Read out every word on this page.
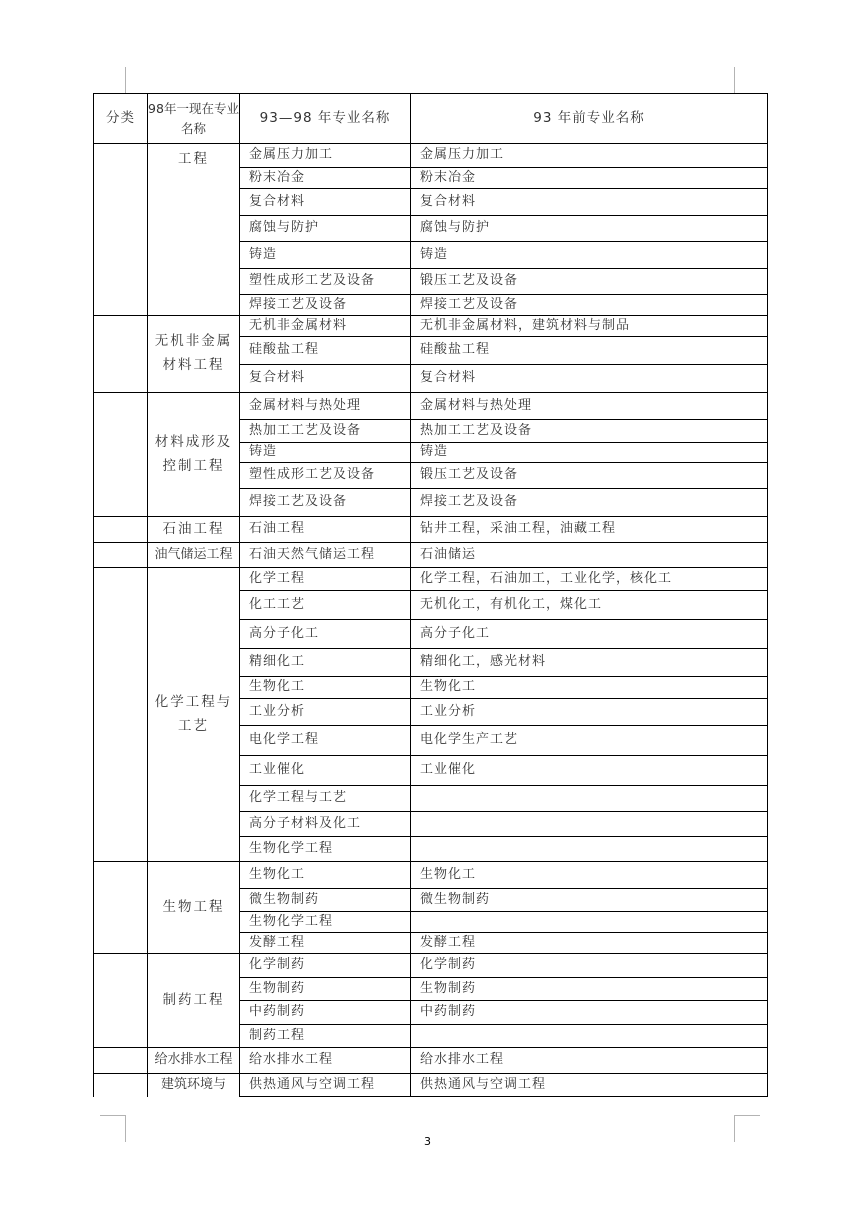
分类	98年一现在专业名称	93—98 年专业名称	93 年前专业名称
	工程	金属压力加工	金属压力加工
		粉末冶金	粉末冶金
		复合材料	复合材料
		腐蚀与防护	腐蚀与防护
		铸造	铸造
		塑性成形工艺及设备	锻压工艺及设备
		焊接工艺及设备	焊接工艺及设备
	无机非金属材料工程	无机非金属材料	无机非金属材料，建筑材料与制品
		硅酸盐工程	硅酸盐工程
		复合材料	复合材料
	材料成形及控制工程	金属材料与热处理	金属材料与热处理
		热加工工艺及设备	热加工工艺及设备
		铸造	铸造
		塑性成形工艺及设备	锻压工艺及设备
		焊接工艺及设备	焊接工艺及设备
	石油工程	石油工程	钻井工程，采油工程，油藏工程
	油气储运工程	石油天然气储运工程	石油储运
	化学工程与工艺	化学工程	化学工程，石油加工，工业化学，核化工
		化工工艺	无机化工，有机化工，煤化工
		高分子化工	高分子化工
		精细化工	精细化工，感光材料
		生物化工	生物化工
		工业分析	工业分析
		电化学工程	电化学生产工艺
		工业催化	工业催化
		化学工程与工艺	
		高分子材料及化工	
		生物化学工程	
	生物工程	生物化工	生物化工
		微生物制药	微生物制药
		生物化学工程	
		发酵工程	发酵工程
	制药工程	化学制药	化学制药
		生物制药	生物制药
		中药制药	中药制药
		制药工程	
	给水排水工程	给水排水工程	给水排水工程
	建筑环境与	供热通风与空调工程	供热通风与空调工程
3
